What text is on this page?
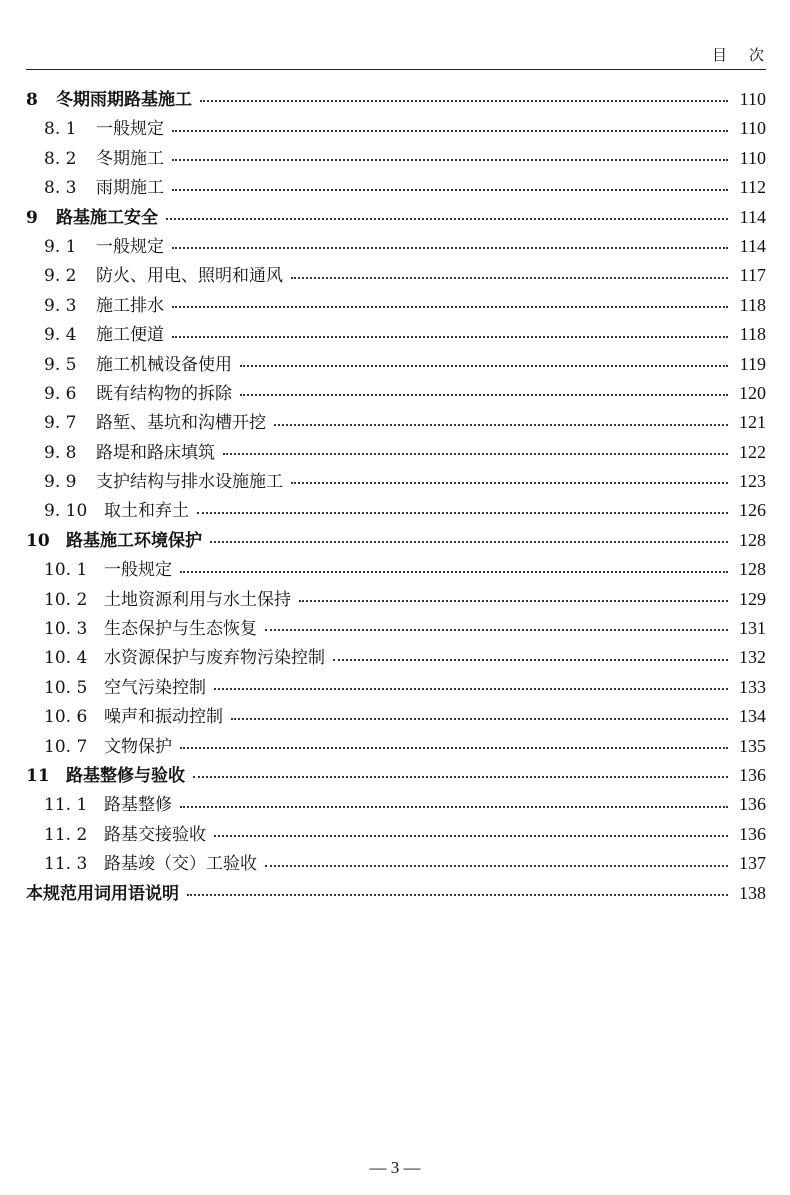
目次
8	冬期雨期路基施工	110
8. 1	一般规定	110
8. 2	冬期施工	110
8. 3	雨期施工	112
9	路基施工安全	114
9. 1	一般规定	114
9. 2	防火、用电、照明和通风	117
9. 3	施工排水	118
9. 4	施工便道	118
9. 5	施工机械设备使用	119
9. 6	既有结构物的拆除	120
9. 7	路堑、基坑和沟槽开挖	121
9. 8	路堤和路床填筑	122
9. 9	支护结构与排水设施施工	123
9. 10 取土和弃土	126
10 路基施工环境保护	128
10. 1 一般规定	128
10. 2 土地资源利用与水土保持	129
10. 3 生态保护与生态恢复	131
10. 4 水资源保护与废弃物污染控制	132
10. 5 空气污染控制	133
10. 6 噪声和振动控制	134
10. 7 文物保护	135
11 路基整修与验收	136
11. 1 路基整修	136
11. 2 路基交接验收	136
11. 3 路基竣（交）工验收	137
本规范用词用语说明	138
— 3 —
